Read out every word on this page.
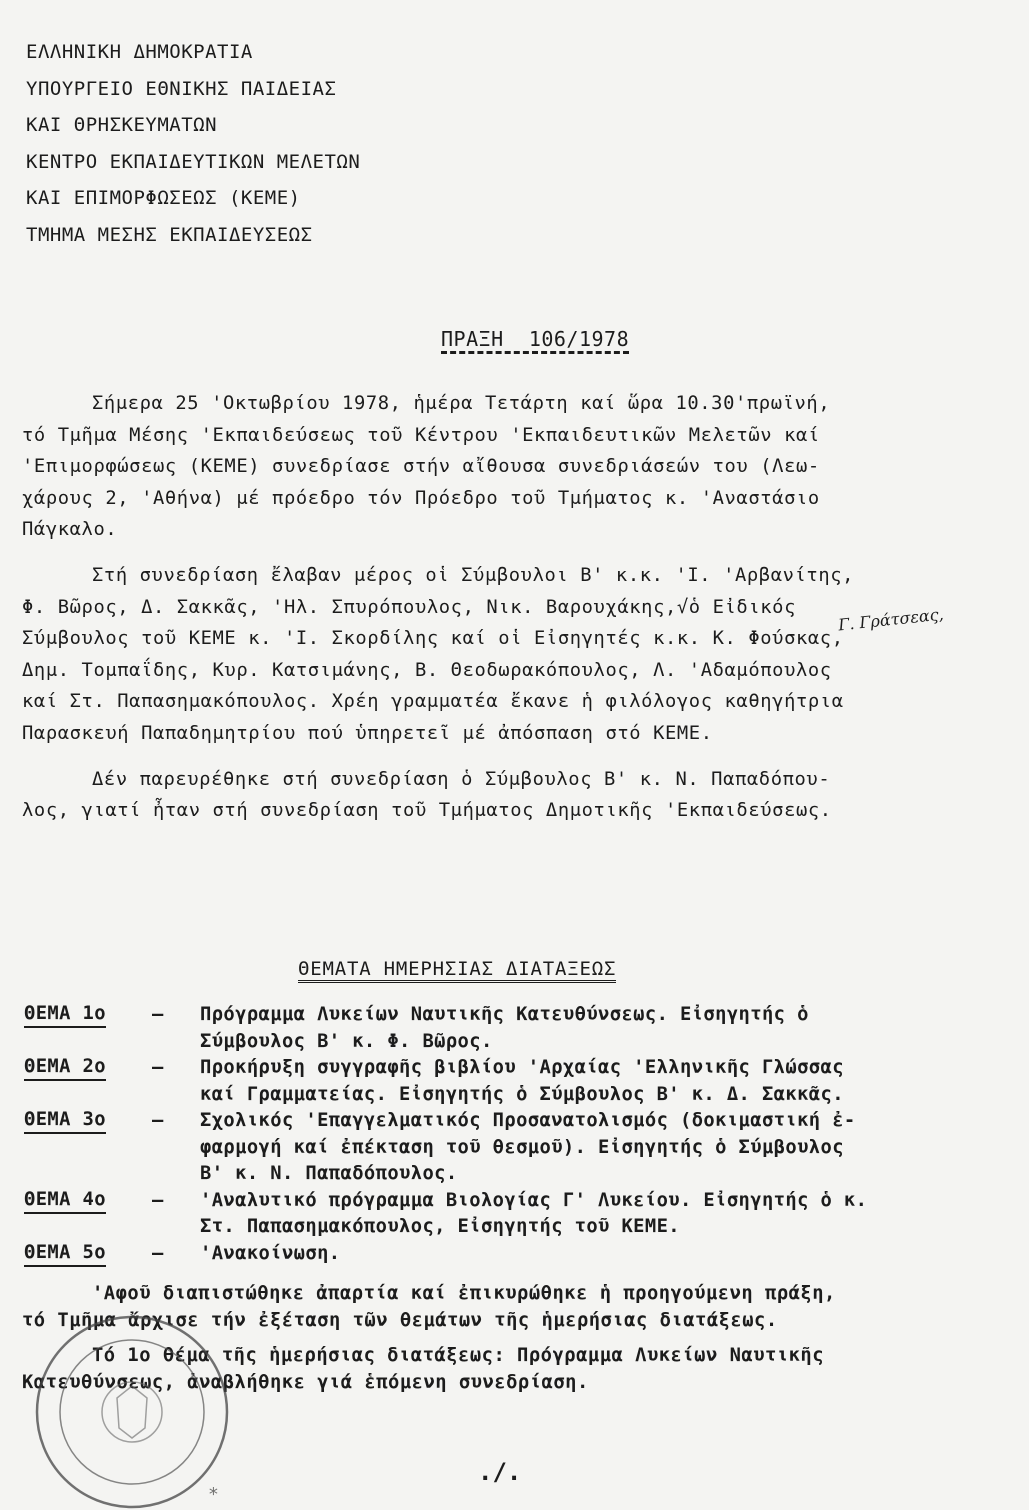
ΕΛΛΗΝΙΚΗ ΔΗΜΟΚΡΑΤΙΑ
ΥΠΟΥΡΓΕΙΟ ΕΘΝΙΚΗΣ ΠΑΙΔΕΙΑΣ
ΚΑΙ ΘΡΗΣΚΕΥΜΑΤΩΝ
ΚΕΝΤΡΟ ΕΚΠΑΙΔΕΥΤΙΚΩΝ ΜΕΛΕΤΩΝ
ΚΑΙ ΕΠΙΜΟΡΦΩΣΕΩΣ (ΚΕΜΕ)
ΤΜΗΜΑ ΜΕΣΗΣ ΕΚΠΑΙΔΕΥΣΕΩΣ
ΠΡΑΞΗ 106/1978

Σήμερα 25 'Οκτωβρίου 1978, ἡμέρα Τετάρτη καί ὥρα 10.30'πρωϊνή,
τό Τμῆμα Μέσης 'Εκπαιδεύσεως τοῦ Κέντρου 'Εκπαιδευτικῶν Μελετῶν καί
'Επιμορφώσεως (ΚΕΜΕ) συνεδρίασε στήν αἴθουσα συνεδριάσεών του (Λεω-
χάρους 2, 'Αθήνα) μέ πρόεδρο τόν Πρόεδρο τοῦ Τμήματος κ. 'Αναστάσιο
Πάγκαλο.

Στή συνεδρίαση ἔλαβαν μέρος οἱ Σύμβουλοι Β' κ.κ. 'Ι. 'Αρβανίτης,
Φ. Βῶρος, Δ. Σακκᾶς, 'Ηλ. Σπυρόπουλος, Νικ. Βαρουχάκης,√ὁ Εἰδικός
Σύμβουλος τοῦ ΚΕΜΕ κ. 'Ι. Σκορδίλης καί οἱ Εἰσηγητές κ.κ. Κ. Φούσκας,
Δημ. Τομπαΐδης, Κυρ. Κατσιμάνης, Β. Θεοδωρακόπουλος, Λ. 'Αδαμόπουλος
καί Στ. Παπασημακόπουλος. Χρέη γραμματέα ἔκανε ἡ φιλόλογος καθηγήτρια
Παρασκευή Παπαδημητρίου πού ὑπηρετεῖ μέ ἀπόσπαση στό ΚΕΜΕ.

Δέν παρευρέθηκε στή συνεδρίαση ὁ Σύμβουλος Β' κ. Ν. Παπαδόπου-
λος, γιατί ἦταν στή συνεδρίαση τοῦ Τμήματος Δημοτικῆς 'Εκπαιδεύσεως.

Γ. Γράτσεας,
ΘΕΜΑΤΑ ΗΜΕΡΗΣΙΑΣ ΔΙΑΤΑΞΕΩΣ
ΘΕΜΑ 1ο – Πρόγραμμα Λυκείων Ναυτικῆς Κατευθύνσεως. Εἰσηγητής ὁ
Σύμβουλος Β' κ. Φ. Βῶρος.
ΘΕΜΑ 2ο – Προκήρυξη συγγραφῆς βιβλίου 'Αρχαίας 'Ελληνικῆς Γλώσσας
καί Γραμματείας. Εἰσηγητής ὁ Σύμβουλος Β' κ. Δ. Σακκᾶς.
ΘΕΜΑ 3ο – Σχολικός 'Επαγγελματικός Προσανατολισμός (δοκιμαστική ἐ-
φαρμογή καί ἐπέκταση τοῦ θεσμοῦ). Εἰσηγητής ὁ Σύμβουλος
Β' κ. Ν. Παπαδόπουλος.
ΘΕΜΑ 4ο – 'Αναλυτικό πρόγραμμα Βιολογίας Γ' Λυκείου. Εἰσηγητής ὁ κ.
Στ. Παπασημακόπουλος, Εἰσηγητής τοῦ ΚΕΜΕ.
ΘΕΜΑ 5ο – 'Ανακοίνωση.

'Αφοῦ διαπιστώθηκε ἀπαρτία καί ἐπικυρώθηκε ἡ προηγούμενη πράξη,
τό Τμῆμα ἄρχισε τήν ἐξέταση τῶν θεμάτων τῆς ἡμερήσιας διατάξεως.

Τό 1ο θέμα τῆς ἡμερήσιας διατάξεως: Πρόγραμμα Λυκείων Ναυτικῆς
Κατευθύνσεως, ἀναβλήθηκε γιά ἑπόμενη συνεδρίαση.

*
./.
